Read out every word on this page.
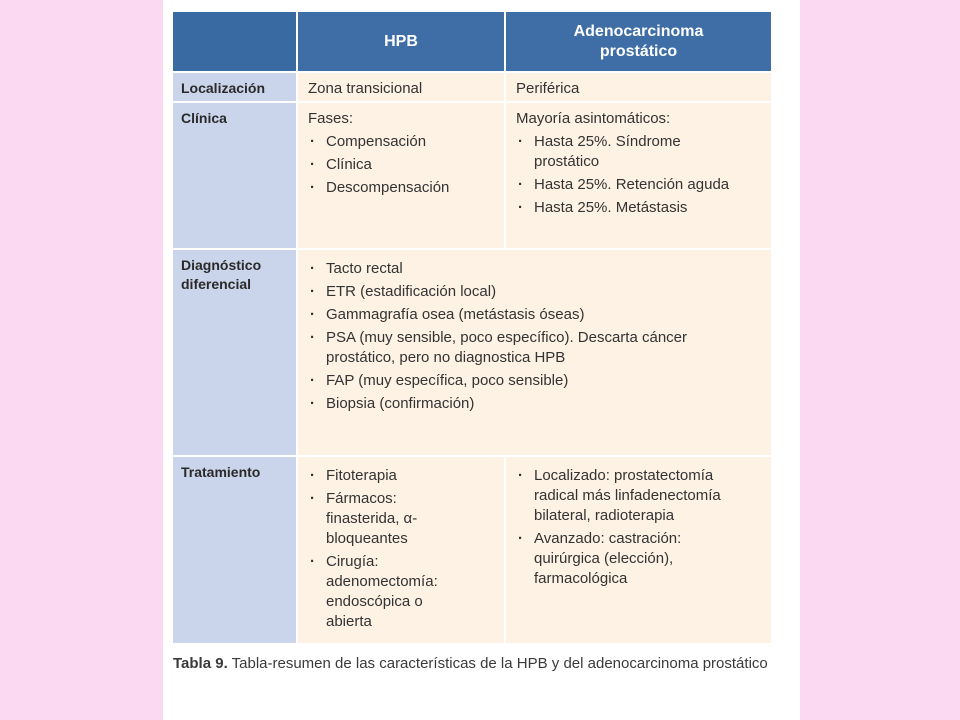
HPB
Adenocarcinoma prostático
Localización	Zona transicional	Periférica
Clínica	Fases:
· Compensación
· Clínica
· Descompensación
Mayoría asintomáticos:
· Hasta 25%. Síndrome prostático
· Hasta 25%. Retención aguda
· Hasta 25%. Metástasis
Diagnóstico diferencial
· Tacto rectal
· ETR (estadificación local)
· Gammagrafía osea (metástasis óseas)
· PSA (muy sensible, poco específico). Descarta cáncer prostático, pero no diagnostica HPB
· FAP (muy específica, poco sensible)
· Biopsia (confirmación)
Tratamiento
·	Fitoterapia
· Fármacos: finasterida, α-bloqueantes
· Cirugía: adenomectomía: endoscópica o abierta
· Localizado: prostatectomía radical más linfadenectomía bilateral, radioterapia
· Avanzado: castración: quirúrgica (elección), farmacológica
Tabla 9. Tabla-resumen de las características de la HPB y del adenocarcinoma prostático
